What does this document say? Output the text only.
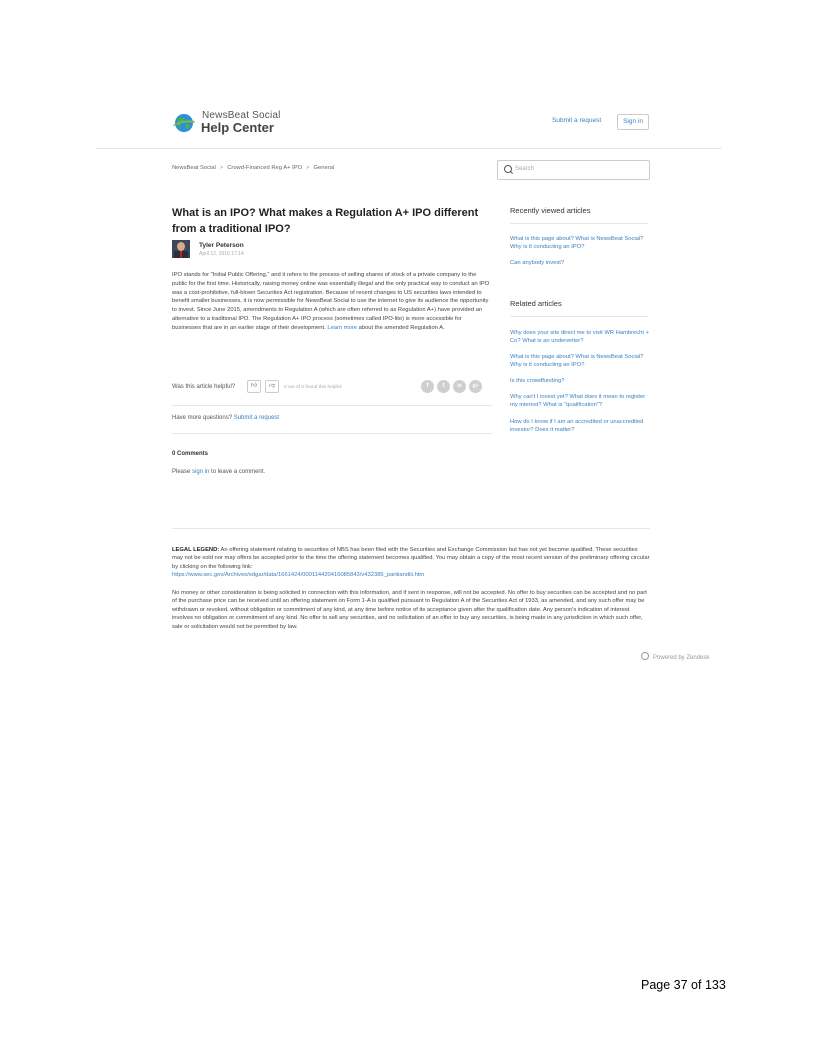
NewsBeat Social
Help Center	Submit a request	Sign in
NewsBeat Social > Crowd-Financed Reg A+ IPO > General	Search
What is an IPO? What makes a Regulation A+ IPO different from a traditional IPO?
Tyler Peterson
April 12, 2016 17:14
IPO stands for "Initial Public Offering," and it refers to the process of selling shares of stock of a private company to the public for the first time. Historically, raising money online was essentially illegal and the only practical way to conduct an IPO was a cost-prohibitive, full-blown Securities Act registration. Because of recent changes to US securities laws intended to benefit smaller businesses, it is now permissible for NewsBeat Social to use the internet to give its audience the opportunity to invest. Since June 2015, amendments to Regulation A (which are often referred to as Regulation A+) have provided an alternative to a traditional IPO. The Regulation A+ IPO process (sometimes called IPO-lite) is more accessible for businesses that are in an earlier stage of their development. Learn more about the amended Regulation A.
Was this article helpful?	👍︎	👎︎	0 out of 0 found this helpful	f	t	in	g+
Have more questions? Submit a request
0 Comments
Please sign in to leave a comment.
Recently viewed articles
What is this page about? What is NewsBeat Social? Why is it conducting an IPO?
Can anybody invest?
Related articles
Why does your site direct me to visit WR Hambrecht + Co? What is an underwriter?
What is this page about? What is NewsBeat Social? Why is it conducting an IPO?
Is this crowdfunding?
Why can't I invest yet? What does it mean to register my interest? What is "qualification"?
How do I know if I am an accredited or unaccredited investor? Does it matter?
LEGAL LEGEND: An offering statement relating to securities of NBS has been filed with the Securities and Exchange Commission but has not yet become qualified. These securities may not be sold nor may offers be accepted prior to the time the offering statement becomes qualified. You may obtain a copy of the most recent version of the preliminary offering circular by clicking on the following link:
https://www.sec.gov/Archives/edgar/data/1661424/000114420416085843/v432385_partiiandiii.htm
No money or other consideration is being solicited in connection with this information, and if sent in response, will not be accepted. No offer to buy securities can be accepted and no part of the purchase price can be received until an offering statement on Form 1-A is qualified pursuant to Regulation A of the Securities Act of 1933, as amended, and any such offer may be withdrawn or revoked, without obligation or commitment of any kind, at any time before notice of its acceptance given after the qualification date. Any person's indication of interest involves no obligation or commitment of any kind. No offer to sell any securities, and no solicitation of an offer to buy any securities, is being made in any jurisdiction in which such offer, sale or solicitation would not be permitted by law.
Powered by Zendesk
Page 37 of 133
